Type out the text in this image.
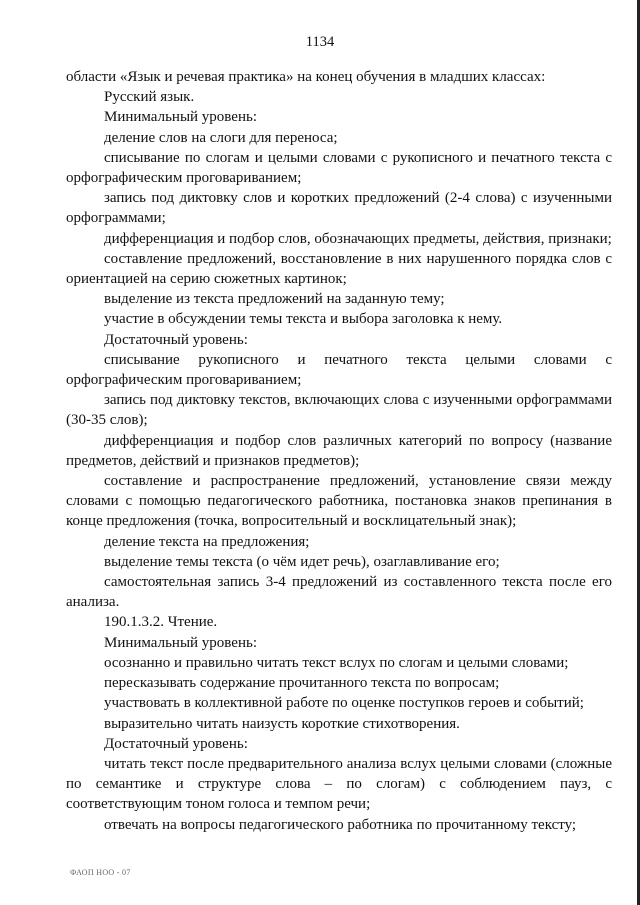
1134

области «Язык и речевая практика» на конец обучения в младших классах:

Русский язык.

Минимальный уровень:

деление слов на слоги для переноса;

списывание по слогам и целыми словами с рукописного и печатного текста с орфографическим проговариванием;

запись под диктовку слов и коротких предложений (2-4 слова) с изученными орфограммами;

дифференциация и подбор слов, обозначающих предметы, действия, признаки;

составление предложений, восстановление в них нарушенного порядка слов с ориентацией на серию сюжетных картинок;

выделение из текста предложений на заданную тему;

участие в обсуждении темы текста и выбора заголовка к нему.

Достаточный уровень:

списывание рукописного и печатного текста целыми словами с орфографическим проговариванием;

запись под диктовку текстов, включающих слова с изученными орфограммами (30-35 слов);

дифференциация и подбор слов различных категорий по вопросу (название предметов, действий и признаков предметов);

составление и распространение предложений, установление связи между словами с помощью педагогического работника, постановка знаков препинания в конце предложения (точка, вопросительный и восклицательный знак);

деление текста на предложения;

выделение темы текста (о чём идет речь), озаглавливание его;

самостоятельная запись 3-4 предложений из составленного текста после его анализа.

190.1.3.2. Чтение.

Минимальный уровень:

осознанно и правильно читать текст вслух по слогам и целыми словами;

пересказывать содержание прочитанного текста по вопросам;

участвовать в коллективной работе по оценке поступков героев и событий;

выразительно читать наизусть короткие стихотворения.

Достаточный уровень:

читать текст после предварительного анализа вслух целыми словами (сложные по семантике и структуре слова – по слогам) с соблюдением пауз, с соответствующим тоном голоса и темпом речи;

отвечать на вопросы педагогического работника по прочитанному тексту;

ФАОП НОО - 07
